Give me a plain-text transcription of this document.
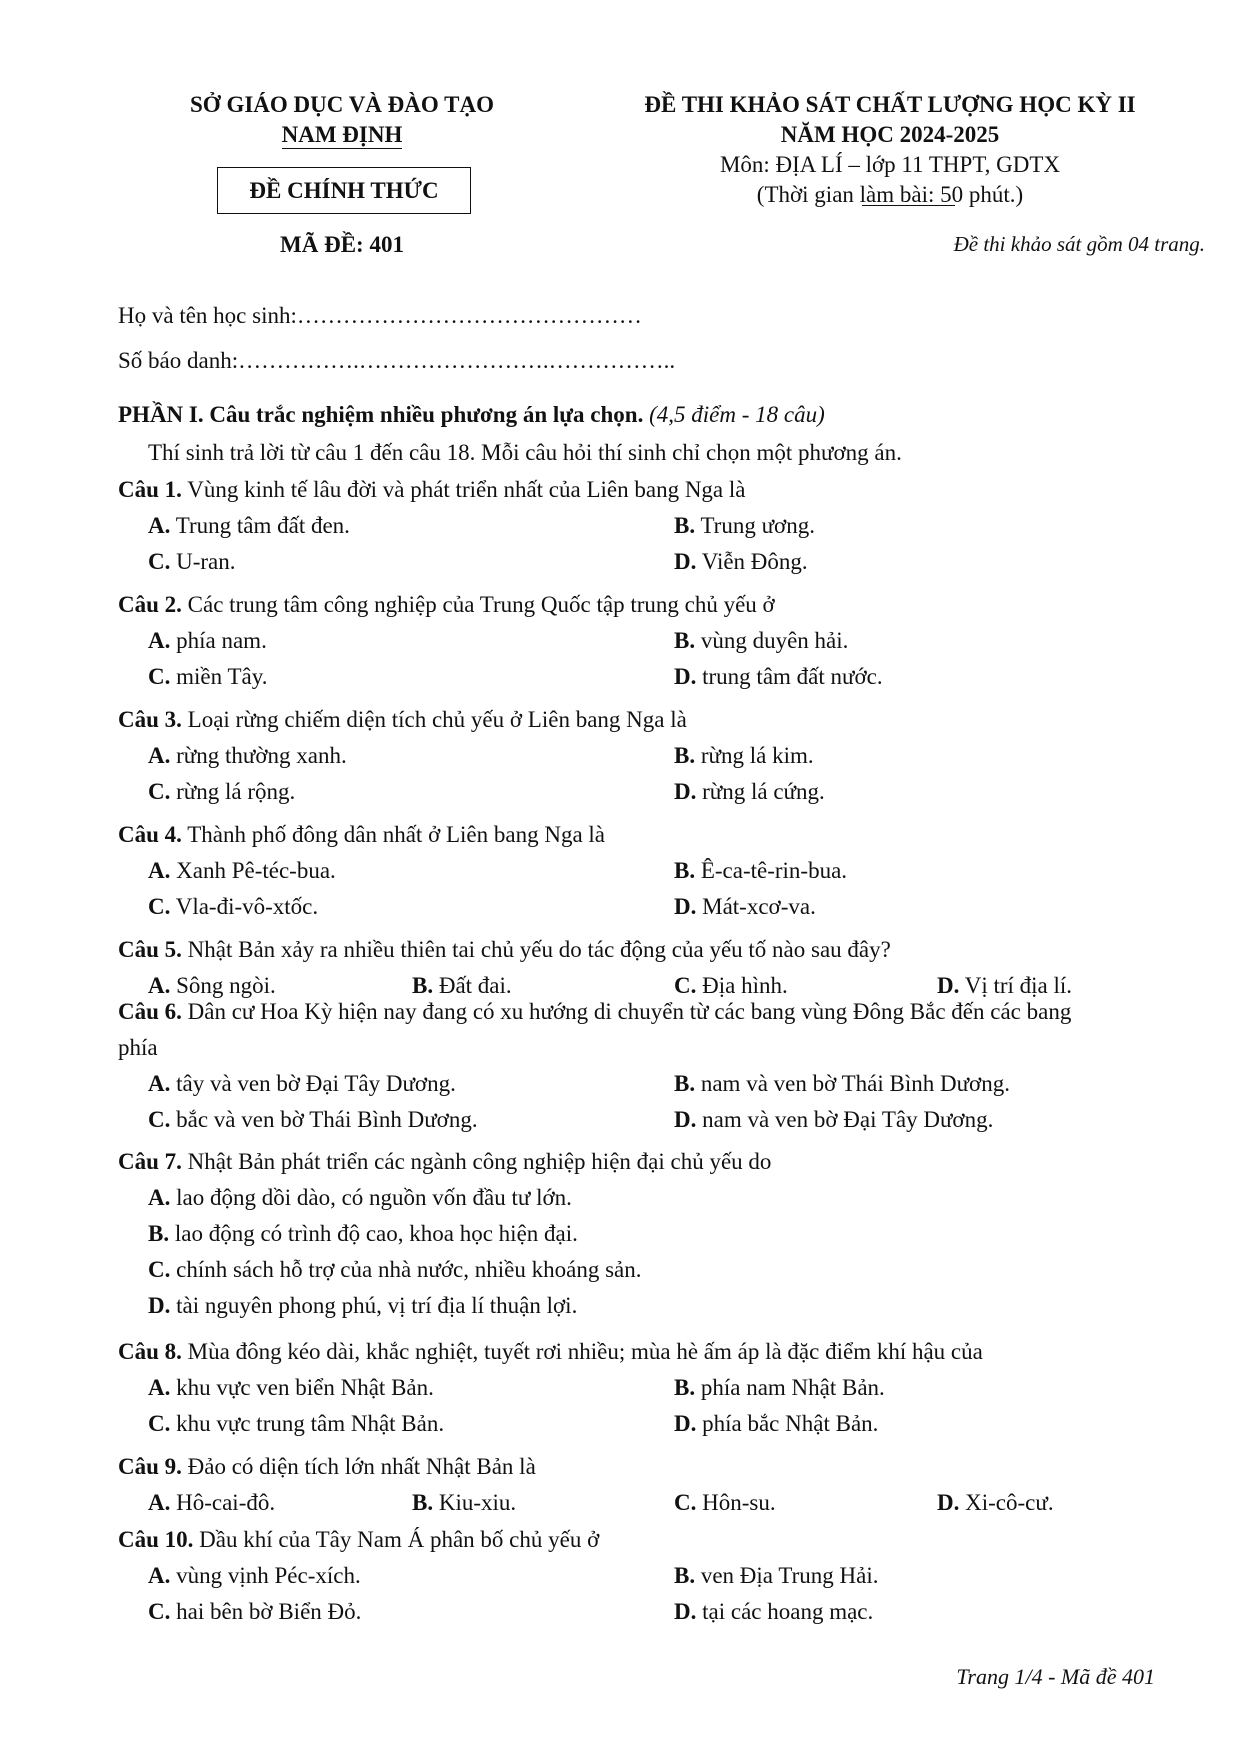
SỞ GIÁO DỤC VÀ ĐÀO TẠO
NAM ĐỊNH
ĐỀ CHÍNH THỨC
MÃ ĐỀ: 401
ĐỀ THI KHẢO SÁT CHẤT LƯỢNG HỌC KỲ II
NĂM HỌC 2024-2025
Môn: ĐỊA LÍ – lớp 11 THPT, GDTX
(Thời gian làm bài: 50 phút.)
Đề thi khảo sát gồm 04 trang.
Họ và tên học sinh:………………………………………
Số báo danh:…………….…………………….……………..
PHẦN I. Câu trắc nghiệm nhiều phương án lựa chọn. (4,5 điểm - 18 câu)
Thí sinh trả lời từ câu 1 đến câu 18. Mỗi câu hỏi thí sinh chỉ chọn một phương án.
Câu 1. Vùng kinh tế lâu đời và phát triển nhất của Liên bang Nga là
A. Trung tâm đất đen.	B. Trung ương.
C. U-ran.	D. Viễn Đông.
Câu 2. Các trung tâm công nghiệp của Trung Quốc tập trung chủ yếu ở
A. phía nam.	B. vùng duyên hải.
C. miền Tây.	D. trung tâm đất nước.
Câu 3. Loại rừng chiếm diện tích chủ yếu ở Liên bang Nga là
A. rừng thường xanh.	B. rừng lá kim.
C. rừng lá rộng.	D. rừng lá cứng.
Câu 4. Thành phố đông dân nhất ở Liên bang Nga là
A. Xanh Pê-téc-bua.	B. Ê-ca-tê-rin-bua.
C. Vla-đi-vô-xtốc.	D. Mát-xcơ-va.
Câu 5. Nhật Bản xảy ra nhiều thiên tai chủ yếu do tác động của yếu tố nào sau đây?
A. Sông ngòi.	B. Đất đai.	C. Địa hình.	D. Vị trí địa lí.
Câu 6. Dân cư Hoa Kỳ hiện nay đang có xu hướng di chuyển từ các bang vùng Đông Bắc đến các bang
phía
A. tây và ven bờ Đại Tây Dương.	B. nam và ven bờ Thái Bình Dương.
C. bắc và ven bờ Thái Bình Dương.	D. nam và ven bờ Đại Tây Dương.
Câu 7. Nhật Bản phát triển các ngành công nghiệp hiện đại chủ yếu do
A. lao động dồi dào, có nguồn vốn đầu tư lớn.
B. lao động có trình độ cao, khoa học hiện đại.
C. chính sách hỗ trợ của nhà nước, nhiều khoáng sản.
D. tài nguyên phong phú, vị trí địa lí thuận lợi.
Câu 8. Mùa đông kéo dài, khắc nghiệt, tuyết rơi nhiều; mùa hè ấm áp là đặc điểm khí hậu của
A. khu vực ven biển Nhật Bản.	B. phía nam Nhật Bản.
C. khu vực trung tâm Nhật Bản.	D. phía bắc Nhật Bản.
Câu 9. Đảo có diện tích lớn nhất Nhật Bản là
A. Hô-cai-đô.	B. Kiu-xiu.	C. Hôn-su.	D. Xi-cô-cư.
Câu 10. Dầu khí của Tây Nam Á phân bố chủ yếu ở
A. vùng vịnh Péc-xích.	B. ven Địa Trung Hải.
C. hai bên bờ Biển Đỏ.	D. tại các hoang mạc.
Trang 1/4 - Mã đề 401
